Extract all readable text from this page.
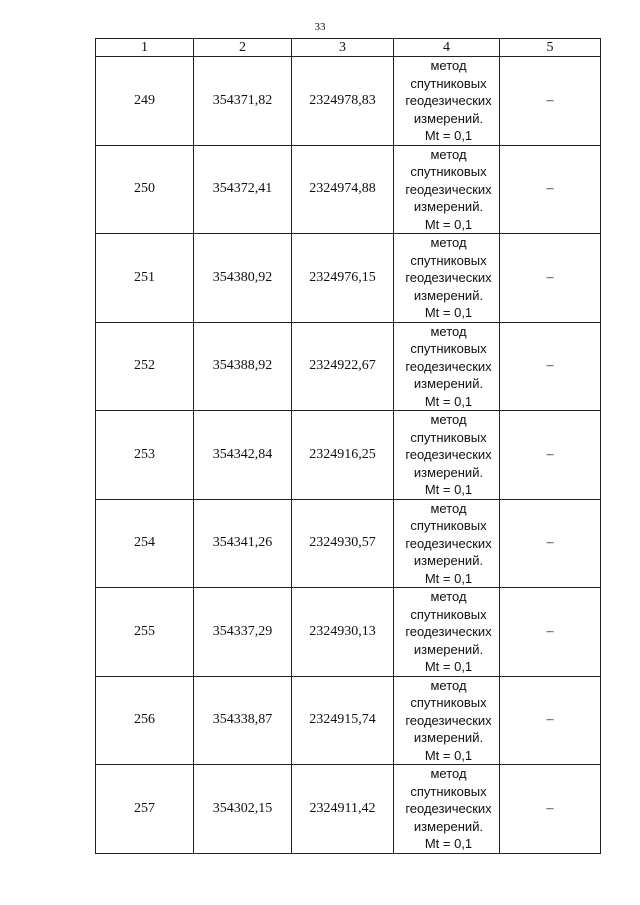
33
1	2	3	4	5
249	354371,82	2324978,83	метод
спутниковых
геодезических
измерений.
Mt = 0,1	–
250	354372,41	2324974,88	метод
спутниковых
геодезических
измерений.
Mt = 0,1	–
251	354380,92	2324976,15	метод
спутниковых
геодезических
измерений.
Mt = 0,1	–
252	354388,92	2324922,67	метод
спутниковых
геодезических
измерений.
Mt = 0,1	–
253	354342,84	2324916,25	метод
спутниковых
геодезических
измерений.
Mt = 0,1	–
254	354341,26	2324930,57	метод
спутниковых
геодезических
измерений.
Mt = 0,1	–
255	354337,29	2324930,13	метод
спутниковых
геодезических
измерений.
Mt = 0,1	–
256	354338,87	2324915,74	метод
спутниковых
геодезических
измерений.
Mt = 0,1	–
257	354302,15	2324911,42	метод
спутниковых
геодезических
измерений.
Mt = 0,1	–
